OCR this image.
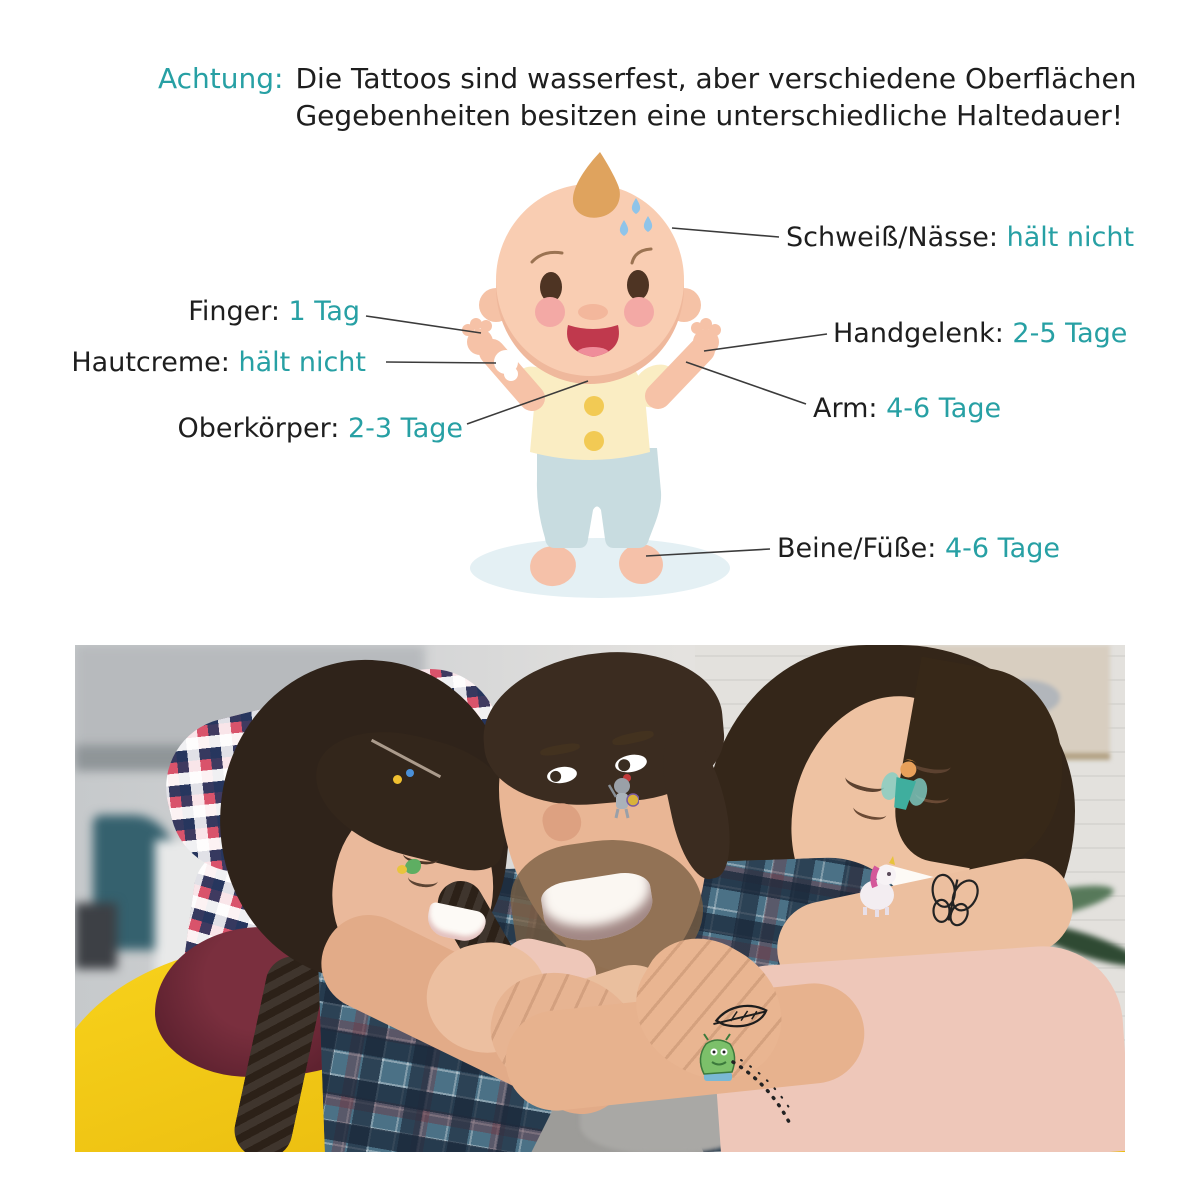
Achtung: Die Tattoos sind wasserfest, aber verschiedene Oberflächen
Gegebenheiten besitzen eine unterschiedliche Haltedauer!
Schweiß/Nässe: hält nicht
Finger: 1 Tag
Hautcreme: hält nicht
Handgelenk: 2-5 Tage
Oberkörper: 2-3 Tage
Arm: 4-6 Tage
Beine/Füße: 4-6 Tage
